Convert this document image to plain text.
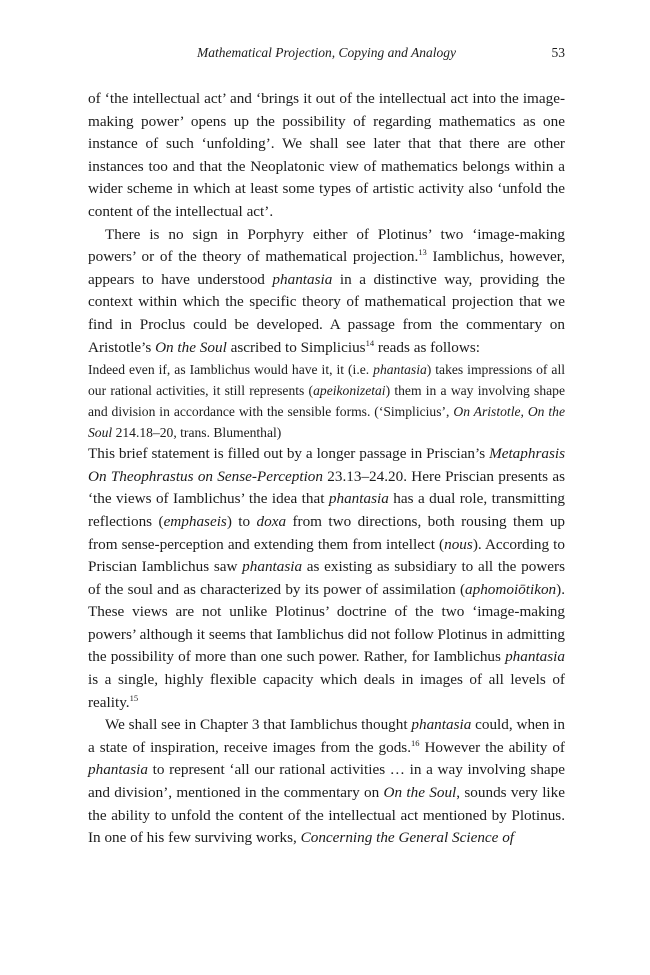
Mathematical Projection, Copying and Analogy	53

of ‘the intellectual act’ and ‘brings it out of the intellectual act into the image-making power’ opens up the possibility of regarding mathematics as one instance of such ‘unfolding’. We shall see later that that there are other instances too and that the Neoplatonic view of mathematics belongs within a wider scheme in which at least some types of artistic activity also ‘unfold the content of the intellectual act’.

There is no sign in Porphyry either of Plotinus’ two ‘image-making powers’ or of the theory of mathematical projection.$^{13}$ Iamblichus, however, appears to have understood phantasia in a distinctive way, providing the context within which the specific theory of mathematical projection that we find in Proclus could be developed. A passage from the commentary on Aristotle’s On the Soul ascribed to Simplicius$^{14}$ reads as follows:

Indeed even if, as Iamblichus would have it, it (i.e. phantasia) takes impressions of all our rational activities, it still represents (apeikonizetai) them in a way involving shape and division in accordance with the sensible forms. (‘Simplicius’, On Aristotle, On the Soul 214.18–20, trans. Blumenthal)

This brief statement is filled out by a longer passage in Priscian’s Metaphrasis On Theophrastus on Sense-Perception 23.13–24.20. Here Priscian presents as ‘the views of Iamblichus’ the idea that phantasia has a dual role, transmitting reflections (emphaseis) to doxa from two directions, both rousing them up from sense-perception and extending them from intellect (nous). According to Priscian Iamblichus saw phantasia as existing as subsidiary to all the powers of the soul and as characterized by its power of assimilation (aphomoiōtikon). These views are not unlike Plotinus’ doctrine of the two ‘image-making powers’ although it seems that Iamblichus did not follow Plotinus in admitting the possibility of more than one such power. Rather, for Iamblichus phantasia is a single, highly flexible capacity which deals in images of all levels of reality.$^{15}$

We shall see in Chapter 3 that Iamblichus thought phantasia could, when in a state of inspiration, receive images from the gods.$^{16}$ However the ability of phantasia to represent ‘all our rational activities … in a way involving shape and division’, mentioned in the commentary on On the Soul, sounds very like the ability to unfold the content of the intellectual act mentioned by Plotinus. In one of his few surviving works, Concerning the General Science of
